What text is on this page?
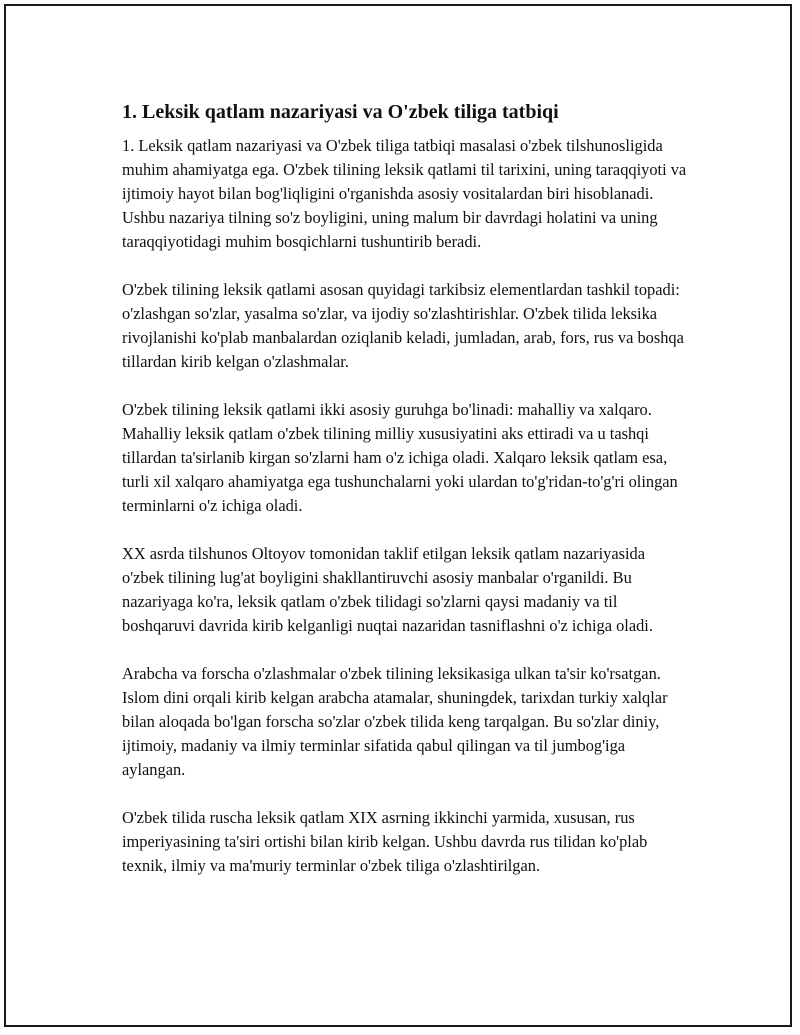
1. Leksik qatlam nazariyasi va O'zbek tiliga tatbiqi

1. Leksik qatlam nazariyasi va O'zbek tiliga tatbiqi masalasi o'zbek tilshunosligida muhim ahamiyatga ega. O'zbek tilining leksik qatlami til tarixini, uning taraqqiyoti va ijtimoiy hayot bilan bog'liqligini o'rganishda asosiy vositalardan biri hisoblanadi. Ushbu nazariya tilning so'z boyligini, uning malum bir davrdagi holatini va uning taraqqiyotidagi muhim bosqichlarni tushuntirib beradi.

O'zbek tilining leksik qatlami asosan quyidagi tarkibsiz elementlardan tashkil topadi: o'zlashgan so'zlar, yasalma so'zlar, va ijodiy so'zlashtirishlar. O'zbek tilida leksika rivojlanishi ko'plab manbalardan oziqlanib keladi, jumladan, arab, fors, rus va boshqa tillardan kirib kelgan o'zlashmalar.

O'zbek tilining leksik qatlami ikki asosiy guruhga bo'linadi: mahalliy va xalqaro. Mahalliy leksik qatlam o'zbek tilining milliy xususiyatini aks ettiradi va u tashqi tillardan ta'sirlanib kirgan so'zlarni ham o'z ichiga oladi. Xalqaro leksik qatlam esa, turli xil xalqaro ahamiyatga ega tushunchalarni yoki ulardan to'g'ridan-to'g'ri olingan terminlarni o'z ichiga oladi.

XX asrda tilshunos Oltoyov tomonidan taklif etilgan leksik qatlam nazariyasida o'zbek tilining lug'at boyligini shakllantiruvchi asosiy manbalar o'rganildi. Bu nazariyaga ko'ra, leksik qatlam o'zbek tilidagi so'zlarni qaysi madaniy va til boshqaruvi davrida kirib kelganligi nuqtai nazaridan tasniflashni o'z ichiga oladi.

Arabcha va forscha o'zlashmalar o'zbek tilining leksikasiga ulkan ta'sir ko'rsatgan. Islom dini orqali kirib kelgan arabcha atamalar, shuningdek, tarixdan turkiy xalqlar bilan aloqada bo'lgan forscha so'zlar o'zbek tilida keng tarqalgan. Bu so'zlar diniy, ijtimoiy, madaniy va ilmiy terminlar sifatida qabul qilingan va til jumbog'iga aylangan.

O'zbek tilida ruscha leksik qatlam XIX asrning ikkinchi yarmida, xususan, rus imperiyasining ta'siri ortishi bilan kirib kelgan. Ushbu davrda rus tilidan ko'plab texnik, ilmiy va ma'muriy terminlar o'zbek tiliga o'zlashtirilgan.
